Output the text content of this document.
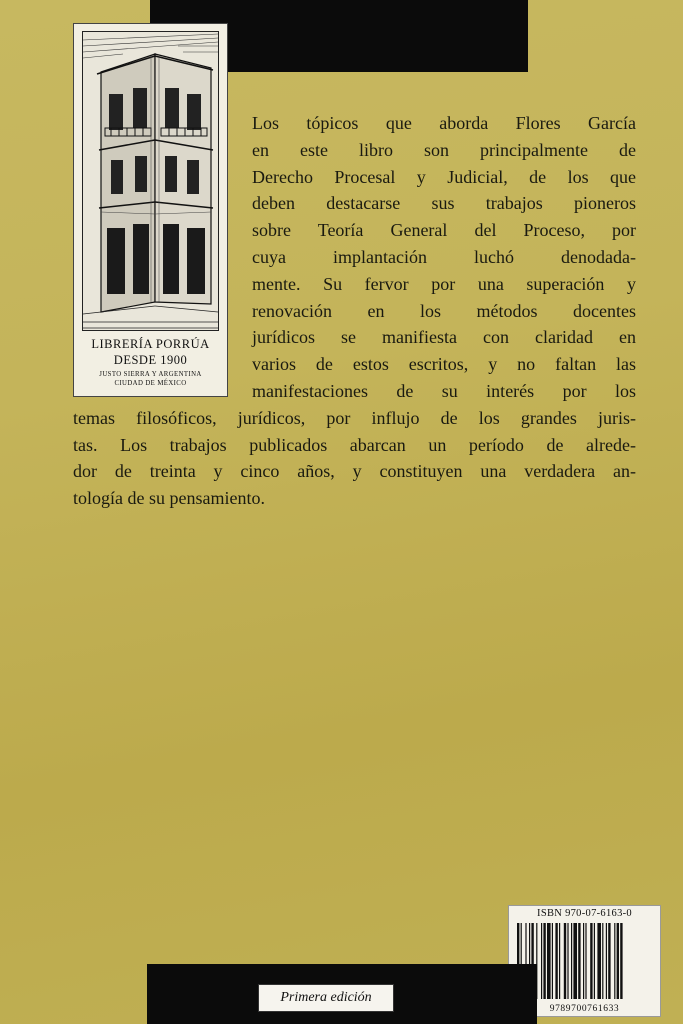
LIBRERÍA PORRÚA
DESDE 1900
JUSTO SIERRA Y ARGENTINA
CIUDAD DE MÉXICO
Los tópicos que aborda Flores García
en este libro son principalmente de
Derecho Procesal y Judicial, de los que
deben destacarse sus trabajos pioneros
sobre Teoría General del Proceso, por
cuya implantación luchó denodada-
mente. Su fervor por una superación y
renovación en los métodos docentes
jurídicos se manifiesta con claridad en
varios de estos escritos, y no faltan las
manifestaciones de su interés por los
temas filosóficos, jurídicos, por influjo de los grandes juris-
tas. Los trabajos publicados abarcan un período de alrede-
dor de treinta y cinco años, y constituyen una verdadera an-
tología de su pensamiento.
ISBN 970-07-6163-0
9789700761633
Primera edición
